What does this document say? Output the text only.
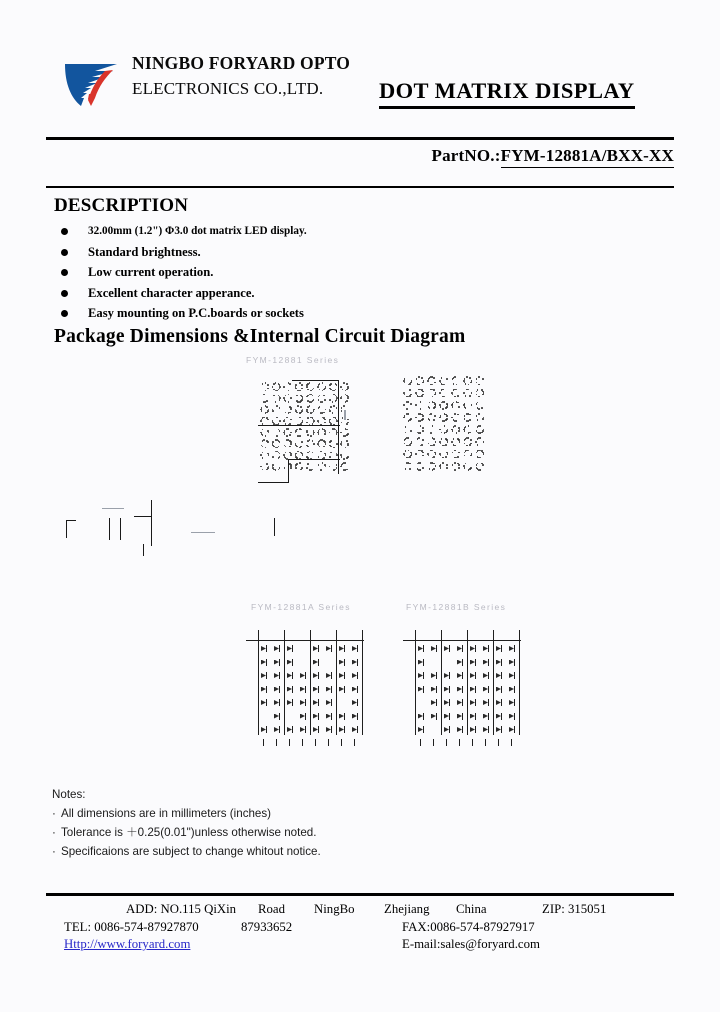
NINGBO FORYARD OPTO
ELECTRONICS CO.,LTD.	DOT MATRIX DISPLAY
PartNO.:FYM-12881A/BXX-XX
DESCRIPTION
32.00mm (1.2") Φ3.0 dot matrix LED display.
Standard brightness.
Low current operation.
Excellent character apperance.
Easy mounting on P.C.boards or sockets
Package Dimensions &Internal Circuit Diagram
FYM-12881 Series
FYM-12881A Series	FYM-12881B Series
Notes:
· All dimensions are in millimeters (inches)
· Tolerance is ＋0.25(0.01")unless otherwise noted.
· Specificaions are subject to change whitout notice.
ADD: NO.115 QiXin Road NingBo Zhejiang China	ZIP: 315051
TEL: 0086-574-87927870	87933652	FAX:0086-574-87927917
Http://www.foryard.com	E-mail:sales@foryard.com
